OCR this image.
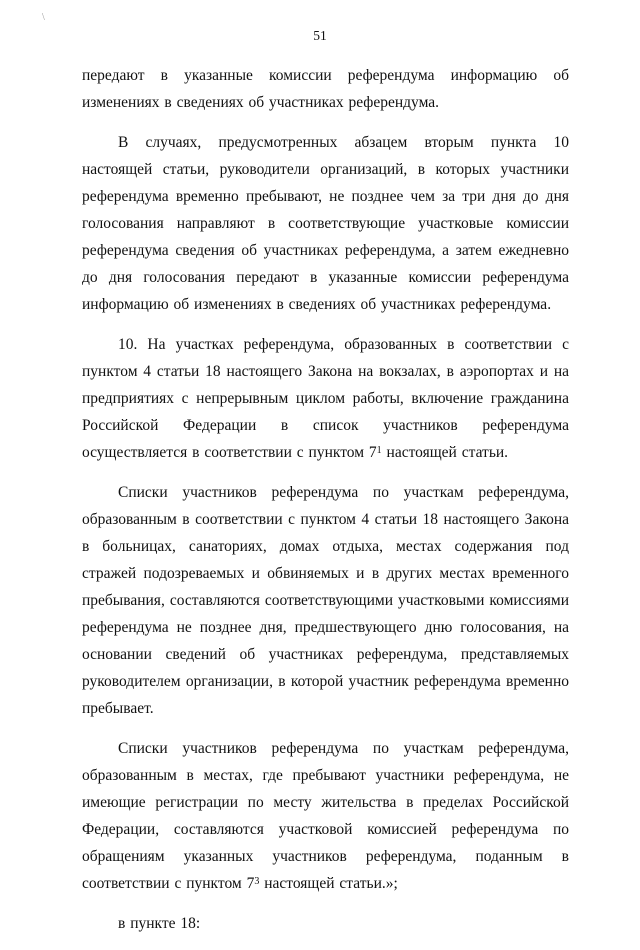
\
51

передают в указанные комиссии референдума информацию об изменениях в сведениях об участниках референдума.

В случаях, предусмотренных абзацем вторым пункта 10 настоящей статьи, руководители организаций, в которых участники референдума временно пребывают, не позднее чем за три дня до дня голосования направляют в соответствующие участковые комиссии референдума сведения об участниках референдума, а затем ежедневно до дня голосования передают в указанные комиссии референдума информацию об изменениях в сведениях об участниках референдума.

10. На участках референдума, образованных в соответствии с пунктом 4 статьи 18 настоящего Закона на вокзалах, в аэропортах и на предприятиях с непрерывным циклом работы, включение гражданина Российской Федерации в список участников референдума осуществляется в соответствии с пунктом $7^1$ настоящей статьи.

Списки участников референдума по участкам референдума, образованным в соответствии с пунктом 4 статьи 18 настоящего Закона в больницах, санаториях, домах отдыха, местах содержания под стражей подозреваемых и обвиняемых и в других местах временного пребывания, составляются соответствующими участковыми комиссиями референдума не позднее дня, предшествующего дню голосования, на основании сведений об участниках референдума, представляемых руководителем организации, в которой участник референдума временно пребывает.

Списки участников референдума по участкам референдума, образованным в местах, где пребывают участники референдума, не имеющие регистрации по месту жительства в пределах Российской Федерации, составляются участковой комиссией референдума по обращениям указанных участников референдума, поданным в соответствии с пунктом $7^3$ настоящей статьи.»;

в пункте 18:
